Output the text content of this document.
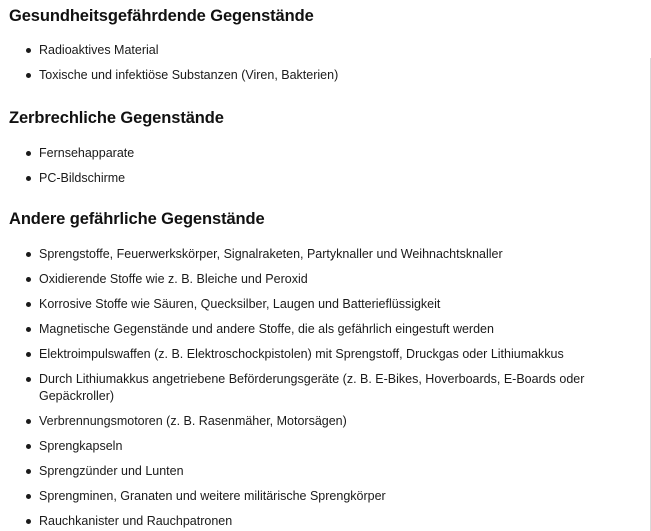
Gesundheitsgefährdende Gegenstände
Radioaktives Material
Toxische und infektiöse Substanzen (Viren, Bakterien)
Zerbrechliche Gegenstände
Fernsehapparate
PC-Bildschirme
Andere gefährliche Gegenstände
Sprengstoffe, Feuerwerkskörper, Signalraketen, Partyknaller und Weihnachtsknaller
Oxidierende Stoffe wie z. B. Bleiche und Peroxid
Korrosive Stoffe wie Säuren, Quecksilber, Laugen und Batterieflüssigkeit
Magnetische Gegenstände und andere Stoffe, die als gefährlich eingestuft werden
Elektroimpulswaffen (z. B. Elektroschockpistolen) mit Sprengstoff, Druckgas oder Lithiumakkus
Durch Lithiumakkus angetriebene Beförderungsgeräte (z. B. E-Bikes, Hoverboards, E-Boards oder Gepäckroller)
Verbrennungsmotoren (z. B. Rasenmäher, Motorsägen)
Sprengkapseln
Sprengzünder und Lunten
Sprengminen, Granaten und weitere militärische Sprengkörper
Rauchkanister und Rauchpatronen
